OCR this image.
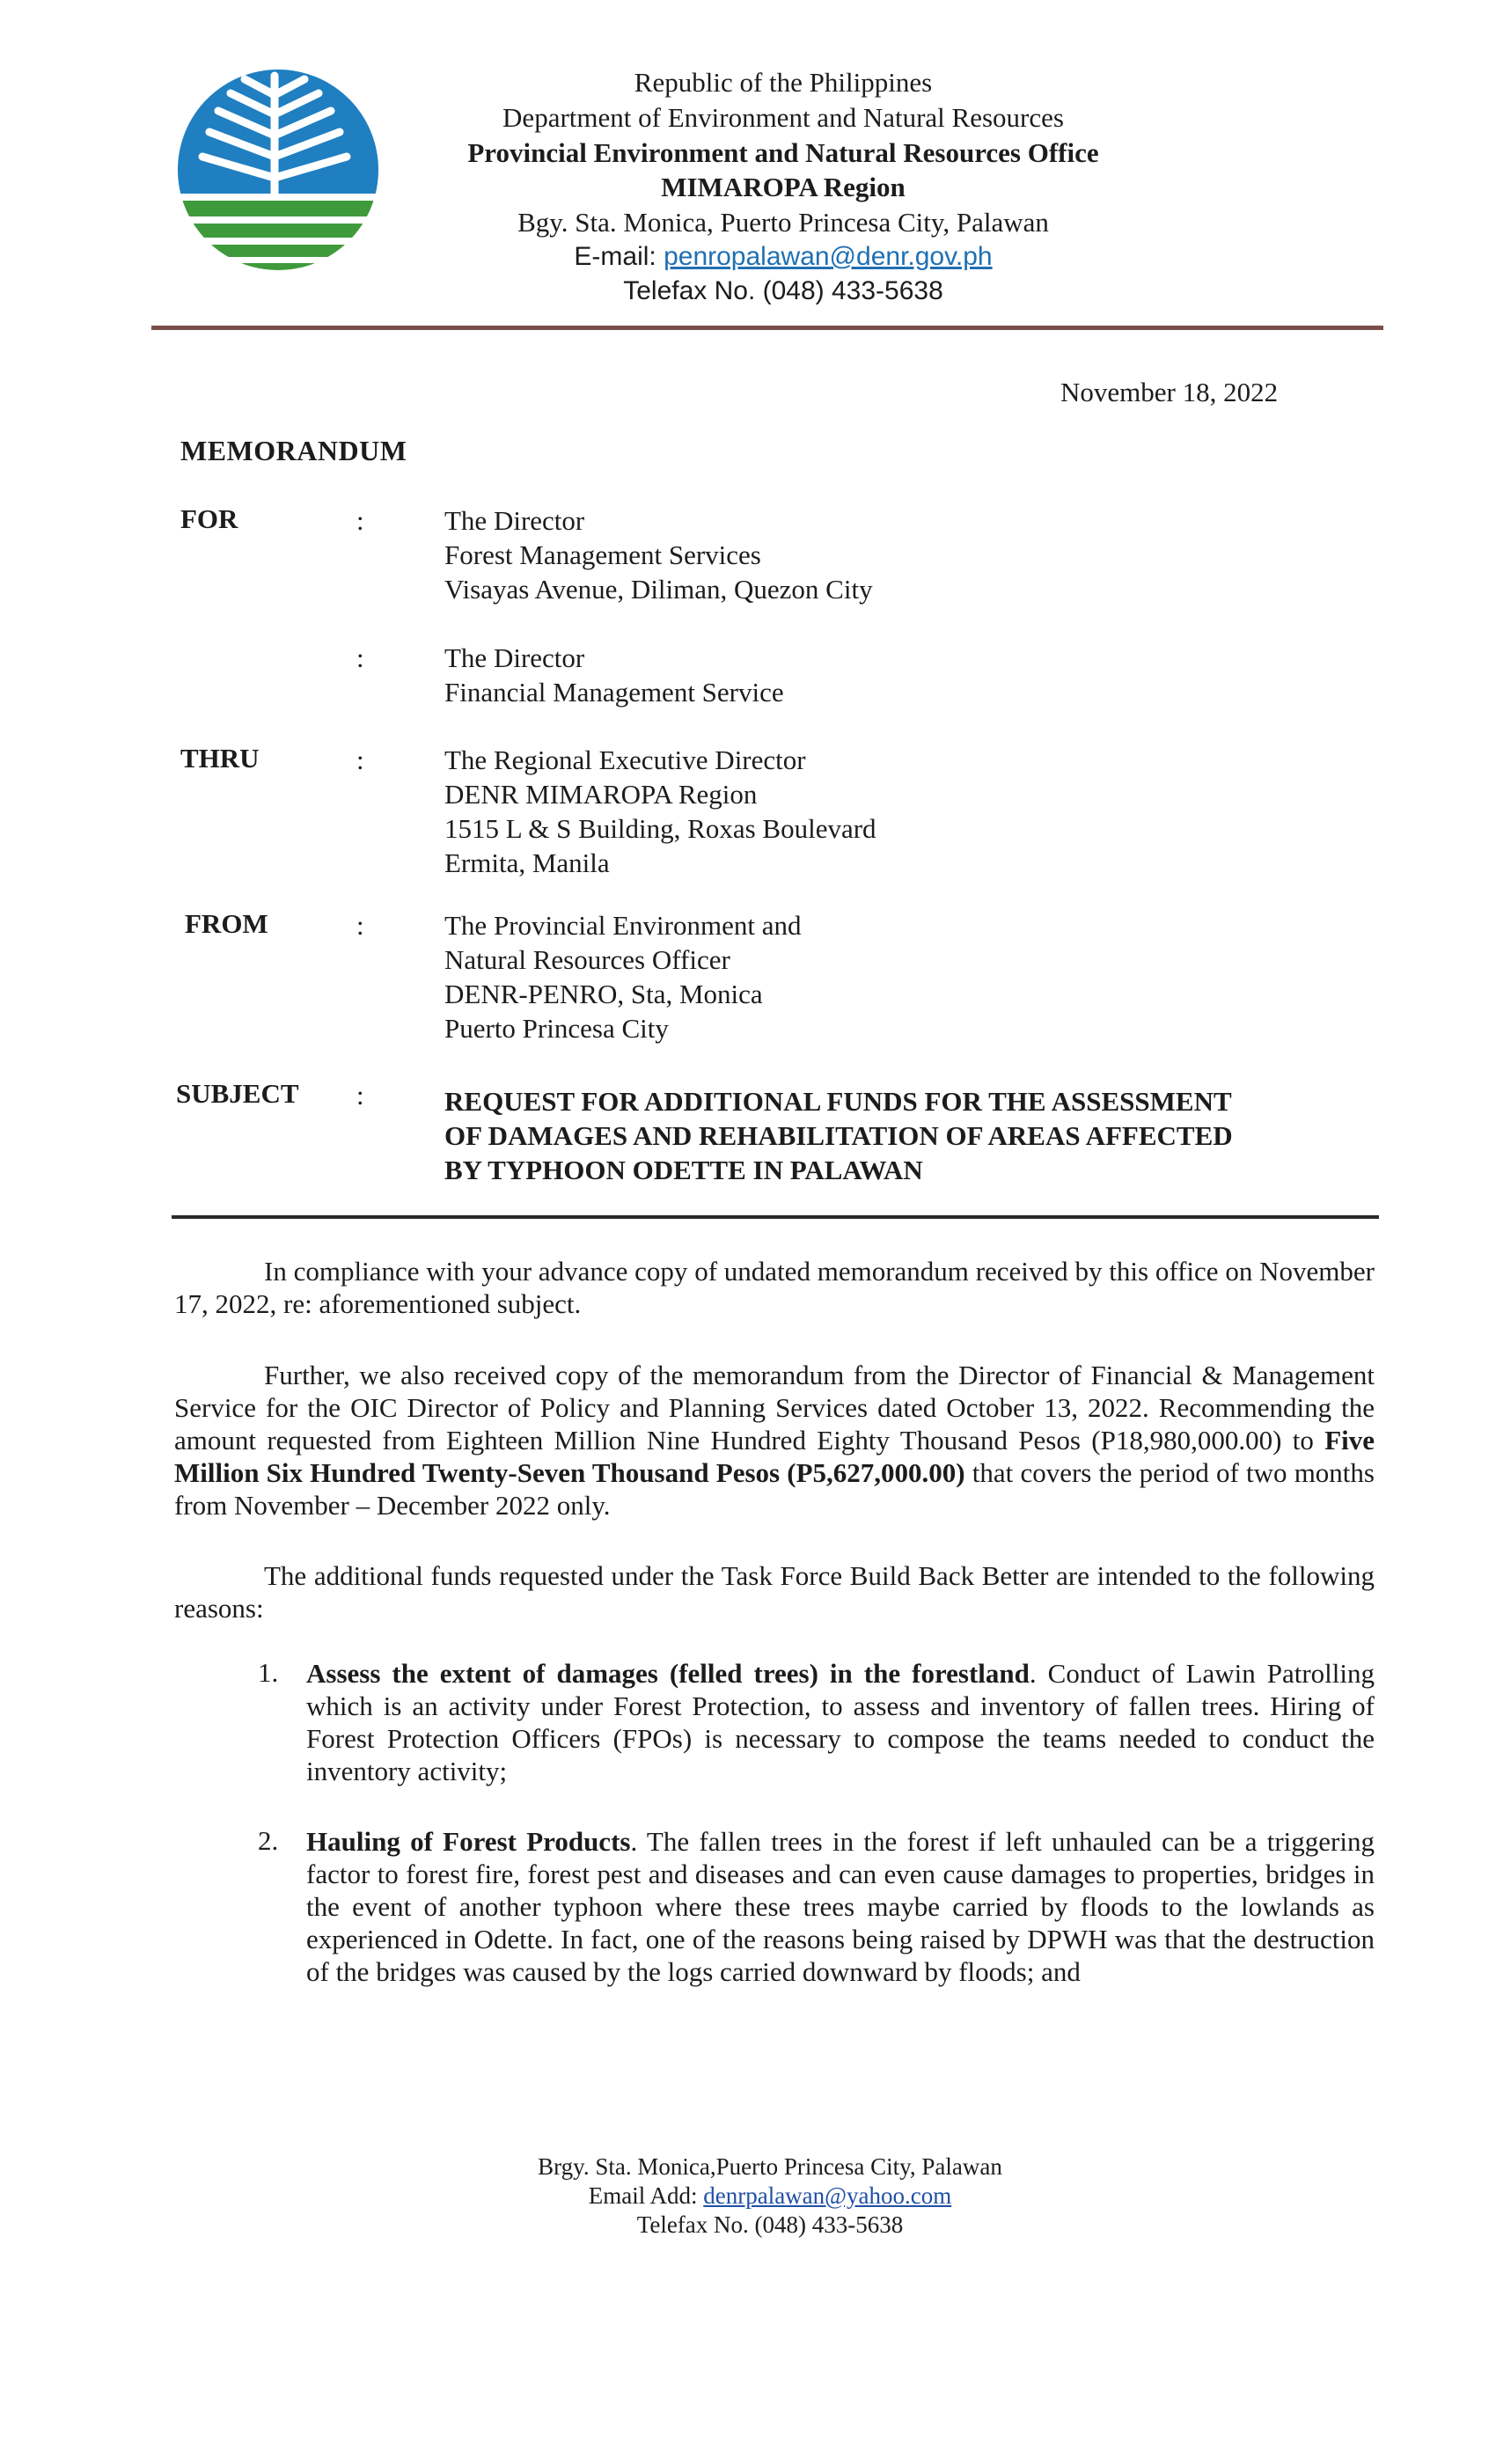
Republic of the Philippines
Department of Environment and Natural Resources
Provincial Environment and Natural Resources Office
MIMAROPA Region
Bgy. Sta. Monica, Puerto Princesa City, Palawan
E-mail: penropalawan@denr.gov.ph
Telefax No. (048) 433-5638
November 18, 2022
MEMORANDUM
FOR	:	The Director
Forest Management Services
Visayas Avenue, Diliman, Quezon City
:	The Director
Financial Management Service
THRU	:	The Regional Executive Director
DENR MIMAROPA Region
1515 L & S Building, Roxas Boulevard
Ermita, Manila
FROM	:	The Provincial Environment and
Natural Resources Officer
DENR-PENRO, Sta, Monica
Puerto Princesa City
SUBJECT :	REQUEST FOR ADDITIONAL FUNDS FOR THE ASSESSMENT
OF DAMAGES AND REHABILITATION OF AREAS AFFECTED
BY TYPHOON ODETTE IN PALAWAN
In compliance with your advance copy of undated memorandum received by this office on November 17, 2022, re: aforementioned subject.
Further, we also received copy of the memorandum from the Director of Financial & Management Service for the OIC Director of Policy and Planning Services dated October 13, 2022. Recommending the amount requested from Eighteen Million Nine Hundred Eighty Thousand Pesos (P18,980,000.00) to Five Million Six Hundred Twenty-Seven Thousand Pesos (P5,627,000.00) that covers the period of two months from November – December 2022 only.
The additional funds requested under the Task Force Build Back Better are intended to the following reasons:
1. Assess the extent of damages (felled trees) in the forestland. Conduct of Lawin Patrolling which is an activity under Forest Protection, to assess and inventory of fallen trees. Hiring of Forest Protection Officers (FPOs) is necessary to compose the teams needed to conduct the inventory activity;
2. Hauling of Forest Products. The fallen trees in the forest if left unhauled can be a triggering factor to forest fire, forest pest and diseases and can even cause damages to properties, bridges in the event of another typhoon where these trees maybe carried by floods to the lowlands as experienced in Odette. In fact, one of the reasons being raised by DPWH was that the destruction of the bridges was caused by the logs carried downward by floods; and
Brgy. Sta. Monica,Puerto Princesa City, Palawan
Email Add: denrpalawan@yahoo.com
Telefax No. (048) 433-5638
